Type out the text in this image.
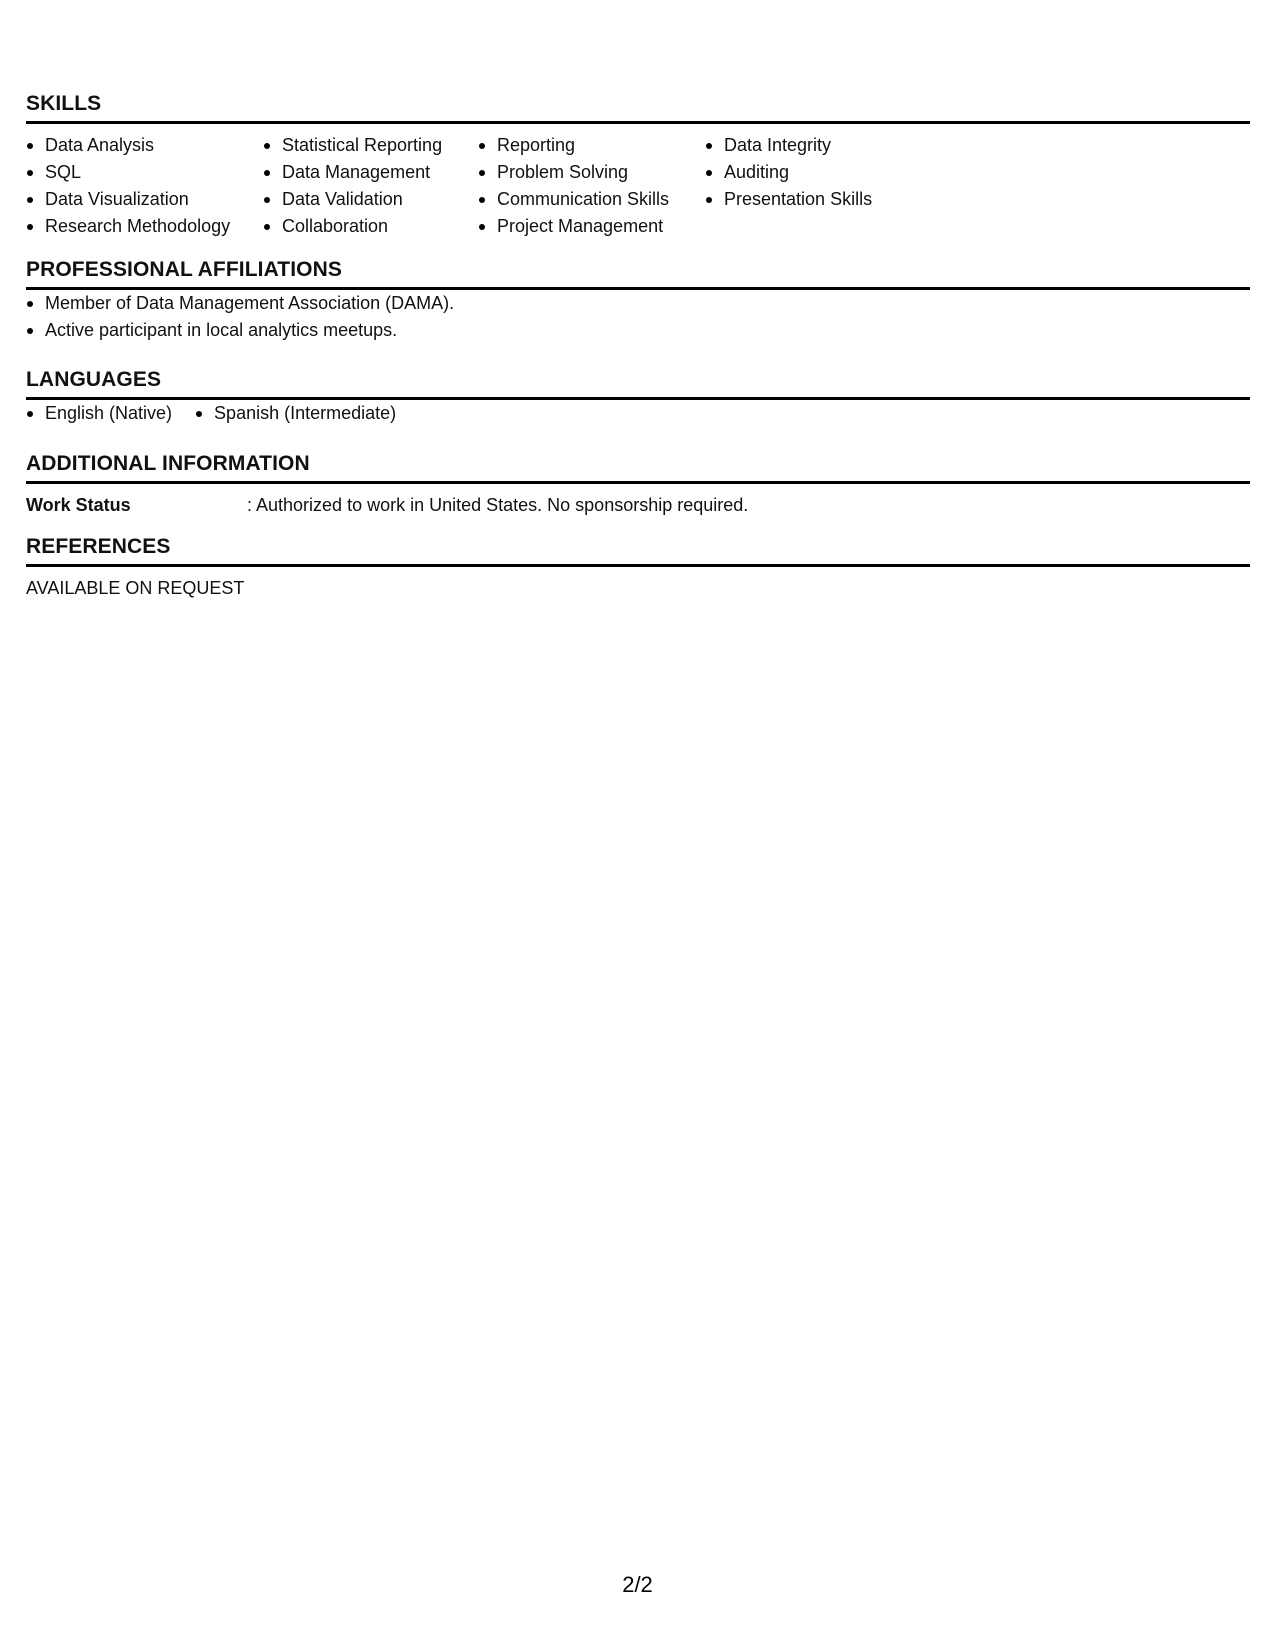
SKILLS
Data Analysis
SQL
Data Visualization
Research Methodology
Statistical Reporting
Data Management
Data Validation
Collaboration
Reporting
Problem Solving
Communication Skills
Project Management
Data Integrity
Auditing
Presentation Skills
PROFESSIONAL AFFILIATIONS
Member of Data Management Association (DAMA).
Active participant in local analytics meetups.
LANGUAGES
English (Native)	Spanish (Intermediate)
ADDITIONAL INFORMATION
Work Status	: Authorized to work in United States. No sponsorship required.
REFERENCES
AVAILABLE ON REQUEST
2/2
